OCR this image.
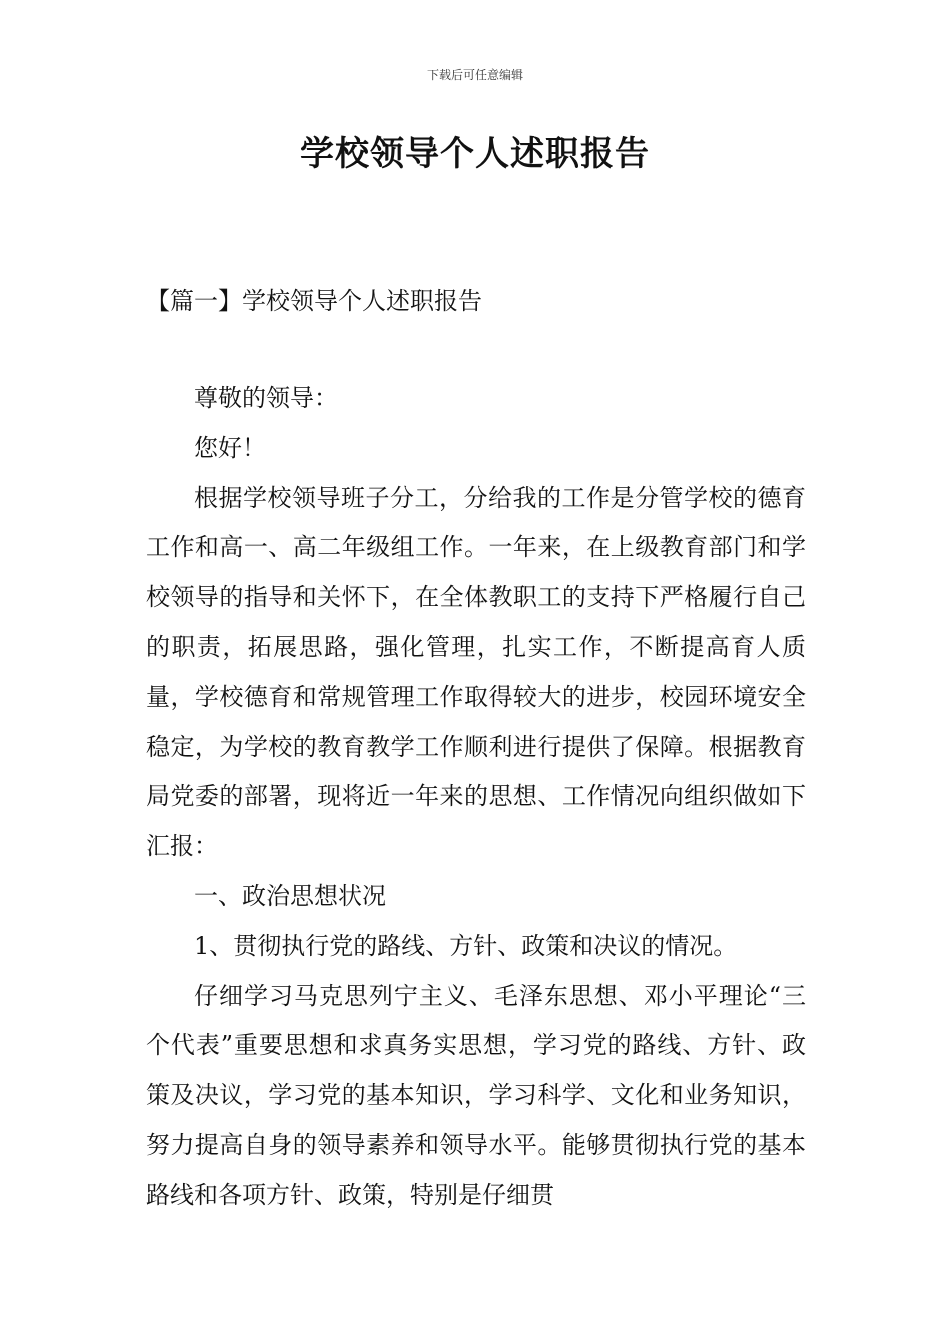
下载后可任意编辑
学校领导个人述职报告
【篇一】学校领导个人述职报告

尊敬的领导：

您好！

根据学校领导班子分工，分给我的工作是分管学校的德育工作和高一、高二年级组工作。一年来，在上级教育部门和学校领导的指导和关怀下，在全体教职工的支持下严格履行自己的职责，拓展思路，强化管理，扎实工作，不断提高育人质量，学校德育和常规管理工作取得较大的进步，校园环境安全稳定，为学校的教育教学工作顺利进行提供了保障。根据教育局党委的部署，现将近一年来的思想、工作情况向组织做如下汇报：

一、政治思想状况

1、贯彻执行党的路线、方针、政策和决议的情况。

仔细学习马克思列宁主义、毛泽东思想、邓小平理论“三个代表”重要思想和求真务实思想，学习党的路线、方针、政策及决议，学习党的基本知识，学习科学、文化和业务知识，努力提高自身的领导素养和领导水平。能够贯彻执行党的基本路线和各项方针、政策，特别是仔细贯
